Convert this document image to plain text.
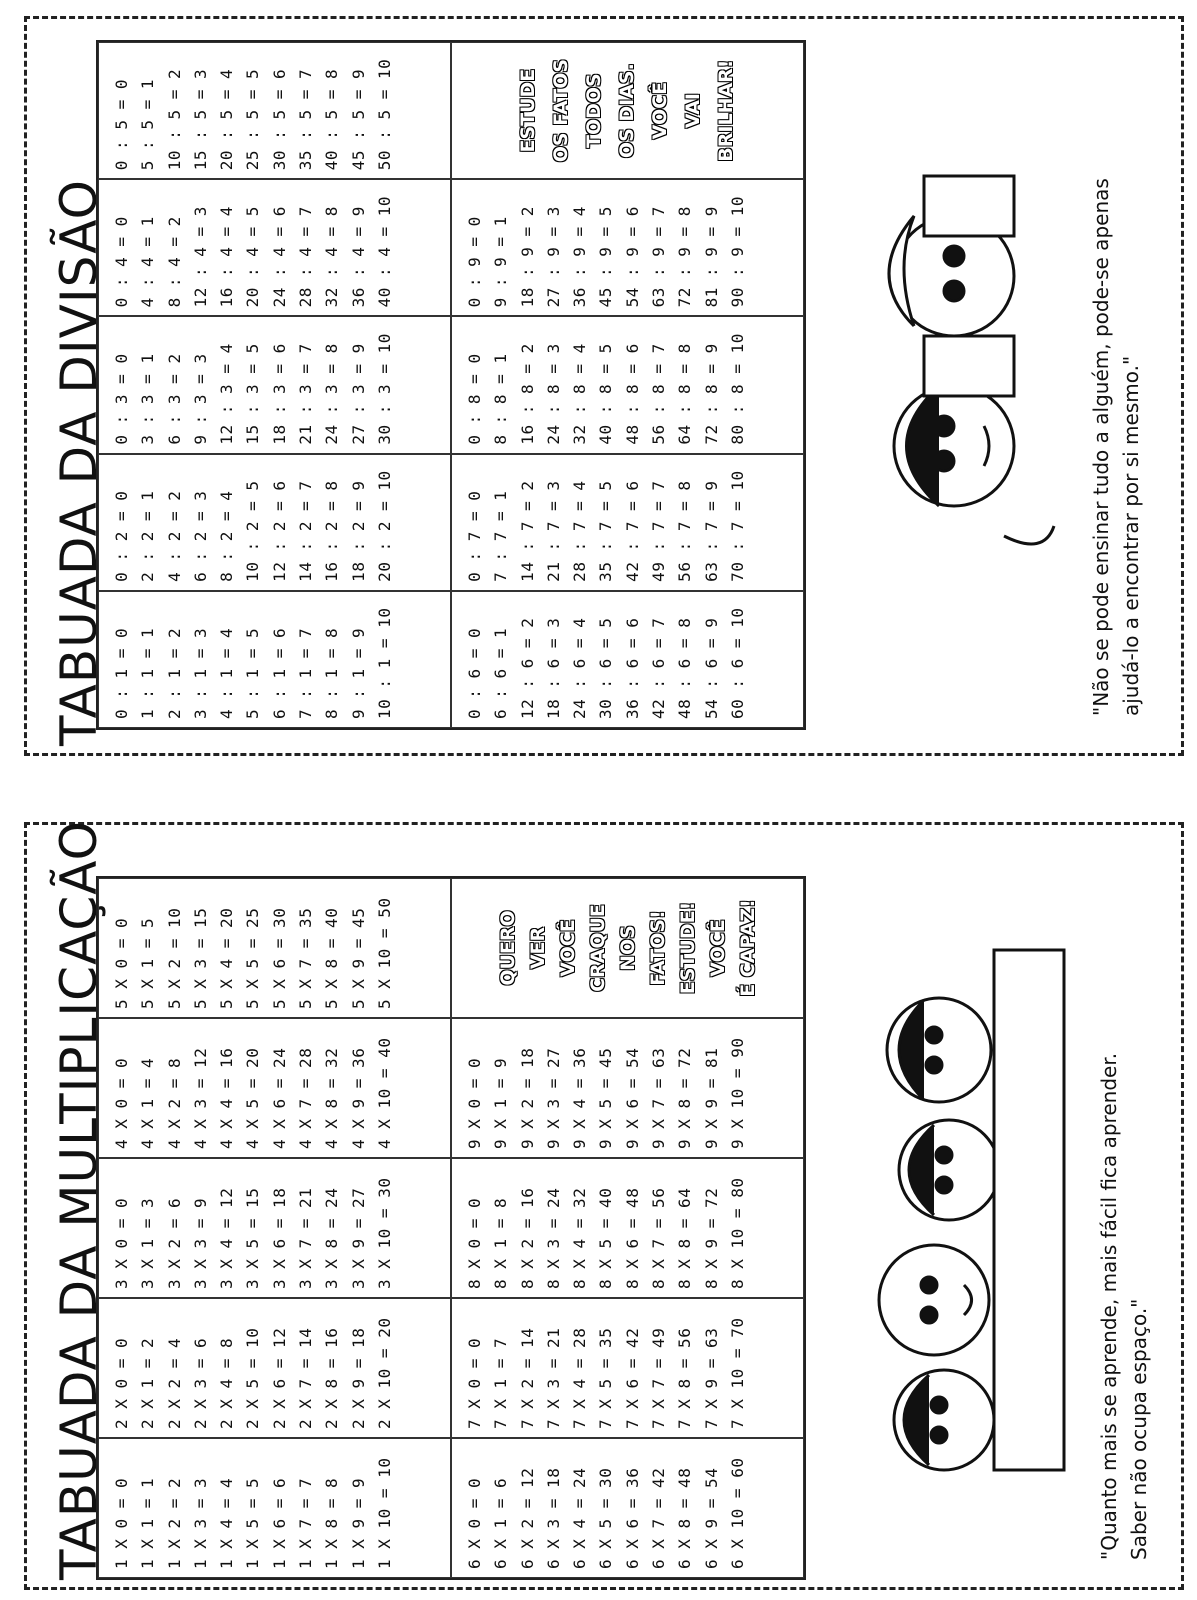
TABUADA DA DIVISÃO 0 : 1 = 0 1 : 1 = 1 2 : 1 = 2 3 : 1 = 3 4 : 1 = 4 5 : 1 = 5 6 : 1 = 6 7 : 1 = 7 8 : 1 = 8 9 : 1 = 9 10 : 1 = 10
0 : 2 = 0 2 : 2 = 1 4 : 2 = 2 6 : 2 = 3 8 : 2 = 4 10 : 2 = 5 12 : 2 = 6 14 : 2 = 7 16 : 2 = 8 18 : 2 = 9 20 : 2 = 10
0 : 3 = 0 3 : 3 = 1 6 : 3 = 2 9 : 3 = 3 12 : 3 = 4 15 : 3 = 5 18 : 3 = 6 21 : 3 = 7 24 : 3 = 8 27 : 3 = 9 30 : 3 = 10
0 : 4 = 0 4 : 4 = 1 8 : 4 = 2 12 : 4 = 3 16 : 4 = 4 20 : 4 = 5 24 : 4 = 6 28 : 4 = 7 32 : 4 = 8 36 : 4 = 9 40 : 4 = 10
0 : 5 = 0 5 : 5 = 1 10 : 5 = 2 15 : 5 = 3 20 : 5 = 4 25 : 5 = 5 30 : 5 = 6 35 : 5 = 7 40 : 5 = 8 45 : 5 = 9 50 : 5 = 10
0 : 6 = 0 6 : 6 = 1 12 : 6 = 2 18 : 6 = 3 24 : 6 = 4 30 : 6 = 5 36 : 6 = 6 42 : 6 = 7 48 : 6 = 8 54 : 6 = 9 60 : 6 = 10
0 : 7 = 0 7 : 7 = 1 14 : 7 = 2 21 : 7 = 3 28 : 7 = 4 35 : 7 = 5 42 : 7 = 6 49 : 7 = 7 56 : 7 = 8 63 : 7 = 9 70 : 7 = 10
0 : 8 = 0 8 : 8 = 1 16 : 8 = 2 24 : 8 = 3 32 : 8 = 4 40 : 8 = 5 48 : 8 = 6 56 : 8 = 7 64 : 8 = 8 72 : 8 = 9 80 : 8 = 10
0 : 9 = 0 9 : 9 = 1 18 : 9 = 2 27 : 9 = 3 36 : 9 = 4 45 : 9 = 5 54 : 9 = 6 63 : 9 = 7 72 : 9 = 8 81 : 9 = 9 90 : 9 = 10
ESTUDE OS FATOS TODOS OS DIAS. VOCÊ VAI BRILHAR!
"Não se pode ensinar tudo a alguém, pode-se apenas ajudá-lo a encontrar por si mesmo."
TABUADA DA MULTIPLICAÇÃO 1 X 0 = 0 1 X 1 = 1 1 X 2 = 2 1 X 3 = 3 1 X 4 = 4 1 X 5 = 5 1 X 6 = 6 1 X 7 = 7 1 X 8 = 8 1 X 9 = 9 1 X 10 = 10
2 X 0 = 0 2 X 1 = 2 2 X 2 = 4 2 X 3 = 6 2 X 4 = 8 2 X 5 = 10 2 X 6 = 12 2 X 7 = 14 2 X 8 = 16 2 X 9 = 18 2 X 10 = 20
3 X 0 = 0 3 X 1 = 3 3 X 2 = 6 3 X 3 = 9 3 X 4 = 12 3 X 5 = 15 3 X 6 = 18 3 X 7 = 21 3 X 8 = 24 3 X 9 = 27 3 X 10 = 30
4 X 0 = 0 4 X 1 = 4 4 X 2 = 8 4 X 3 = 12 4 X 4 = 16 4 X 5 = 20 4 X 6 = 24 4 X 7 = 28 4 X 8 = 32 4 X 9 = 36 4 X 10 = 40
5 X 0 = 0 5 X 1 = 5 5 X 2 = 10 5 X 3 = 15 5 X 4 = 20 5 X 5 = 25 5 X 6 = 30 5 X 7 = 35 5 X 8 = 40 5 X 9 = 45 5 X 10 = 50
6 X 0 = 0 6 X 1 = 6 6 X 2 = 12 6 X 3 = 18 6 X 4 = 24 6 X 5 = 30 6 X 6 = 36 6 X 7 = 42 6 X 8 = 48 6 X 9 = 54 6 X 10 = 60
7 X 0 = 0 7 X 1 = 7 7 X 2 = 14 7 X 3 = 21 7 X 4 = 28 7 X 5 = 35 7 X 6 = 42 7 X 7 = 49 7 X 8 = 56 7 X 9 = 63 7 X 10 = 70
8 X 0 = 0 8 X 1 = 8 8 X 2 = 16 8 X 3 = 24 8 X 4 = 32 8 X 5 = 40 8 X 6 = 48 8 X 7 = 56 8 X 8 = 64 8 X 9 = 72 8 X 10 = 80
9 X 0 = 0 9 X 1 = 9 9 X 2 = 18 9 X 3 = 27 9 X 4 = 36 9 X 5 = 45 9 X 6 = 54 9 X 7 = 63 9 X 8 = 72 9 X 9 = 81 9 X 10 = 90
QUERO VER VOCÊ CRAQUE NOS FATOS! ESTUDE! VOCÊ É CAPAZ!
"Quanto mais se aprende, mais fácil fica aprender. Saber não ocupa espaço."
